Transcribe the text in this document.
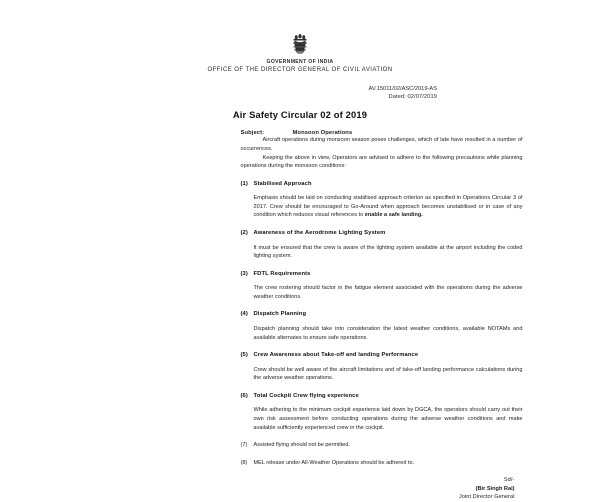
GOVERNMENT OF INDIA
OFFICE OF THE DIRECTOR GENERAL OF CIVIL AVIATION
AV.15011/02/ASC/2019-AS
Dated: 02/07/2019
Air Safety Circular 02 of 2019
Subject:	Monsoon Operations

Aircraft operations during monsoon season poses challenges, which of late have resulted in a number of occurrences.

Keeping the above in view, Operators are advised to adhere to the following precautions while planning operations during the monsoon conditions:

(1) Stabilised Approach

Emphasis should be laid on conducting stabilised approach criterion as specified in Operations Circular 3 of 2017. Crew should be encouraged to Go-Around when approach becomes unstabilised or in case of any condition which reduces visual references to enable a safe landing.

(2) Awareness of the Aerodrome Lighting System

It must be ensured that the crew is aware of the lighting system available at the airport including the coded lighting system.

(3) FDTL Requirements

The crew rostering should factor in the fatigue element associated with the operations during the adverse weather conditions.

(4) Dispatch Planning

Dispatch planning should take into consideration the latest weather conditions, available NOTAMs and available alternates to ensure safe operations.

(5) Crew Awareness about Take-off and landing Performance

Crew should be well aware of the aircraft limitations and of take-off landing performance calculations during the adverse weather operations.

(6) Total Cockpit Crew flying experience

While adhering to the minimum cockpit experience laid down by DGCA, the operators should carry out their own risk assessment before conducting operations during the adverse weather conditions and make available sufficiently experienced crew in the cockpit.

(7)	Assisted flying should not be permitted.
(8)	MEL release under All-Weather Operations should be adhered to.
Sd/-
(Bir Singh Rai)
Joint Director General
